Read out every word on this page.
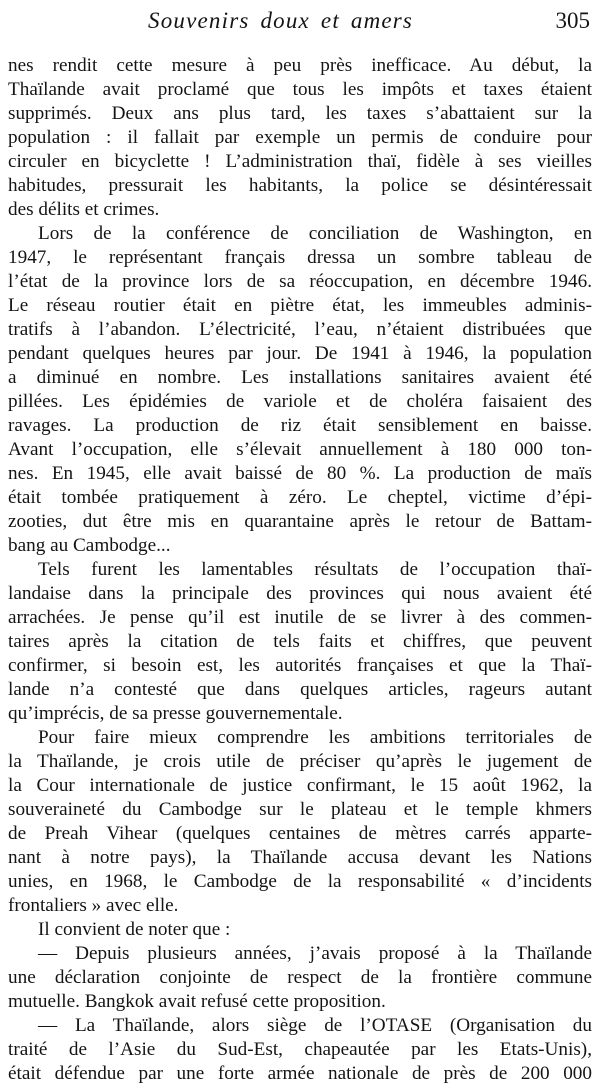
Souvenirs doux et amers	305
nes rendit cette mesure à peu près inefficace. Au début, la
Thaïlande avait proclamé que tous les impôts et taxes étaient
supprimés. Deux ans plus tard, les taxes s’abattaient sur la
population : il fallait par exemple un permis de conduire pour
circuler en bicyclette ! L’administration thaï, fidèle à ses vieilles
habitudes, pressurait les habitants, la police se désintéressait
des délits et crimes.
Lors de la conférence de conciliation de Washington, en
1947, le représentant français dressa un sombre tableau de
l’état de la province lors de sa réoccupation, en décembre 1946.
Le réseau routier était en piètre état, les immeubles adminis-
tratifs à l’abandon. L’électricité, l’eau, n’étaient distribuées que
pendant quelques heures par jour. De 1941 à 1946, la population
a diminué en nombre. Les installations sanitaires avaient été
pillées. Les épidémies de variole et de choléra faisaient des
ravages. La production de riz était sensiblement en baisse.
Avant l’occupation, elle s’élevait annuellement à 180 000 ton-
nes. En 1945, elle avait baissé de 80 %. La production de maïs
était tombée pratiquement à zéro. Le cheptel, victime d’épi-
zooties, dut être mis en quarantaine après le retour de Battam-
bang au Cambodge...
Tels furent les lamentables résultats de l’occupation thaï-
landaise dans la principale des provinces qui nous avaient été
arrachées. Je pense qu’il est inutile de se livrer à des commen-
taires après la citation de tels faits et chiffres, que peuvent
confirmer, si besoin est, les autorités françaises et que la Thaï-
lande n’a contesté que dans quelques articles, rageurs autant
qu’imprécis, de sa presse gouvernementale.
Pour faire mieux comprendre les ambitions territoriales de
la Thaïlande, je crois utile de préciser qu’après le jugement de
la Cour internationale de justice confirmant, le 15 août 1962, la
souveraineté du Cambodge sur le plateau et le temple khmers
de Preah Vihear (quelques centaines de mètres carrés apparte-
nant à notre pays), la Thaïlande accusa devant les Nations
unies, en 1968, le Cambodge de la responsabilité « d’incidents
frontaliers » avec elle.
Il convient de noter que :
— Depuis plusieurs années, j’avais proposé à la Thaïlande
une déclaration conjointe de respect de la frontière commune
mutuelle. Bangkok avait refusé cette proposition.
— La Thaïlande, alors siège de l’OTASE (Organisation du
traité de l’Asie du Sud-Est, chapeautée par les Etats-Unis),
était défendue par une forte armée nationale de près de 200 000
